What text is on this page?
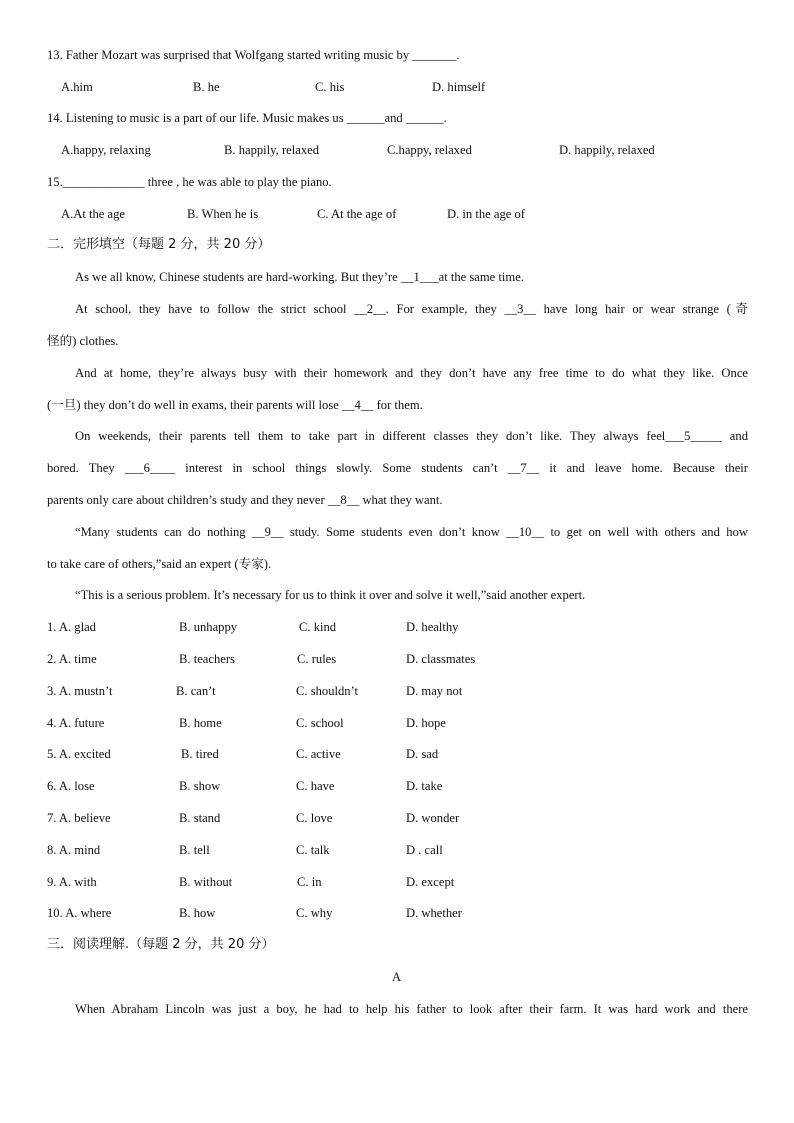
13. Father Mozart was surprised that Wolfgang started writing music by _______.
A.him	B. he	C. his	D. himself
14. Listening to music is a part of our life. Music makes us ______and ______.
A.happy, relaxing	B. happily, relaxed	C.happy, relaxed	D. happily, relaxed
15._____________ three , he was able to play the piano.
A.At the age	B. When he is	C. At the age of	D. in the age of
二．完形填空（每题 2 分，共 20 分）
As we all know, Chinese students are hard-working. But they’re __1___at the same time.
At school, they have to follow the strict school __2__. For example, they __3__ have long hair or wear strange (奇
怪的) clothes.
And at home, they’re always busy with their homework and they don’t have any free time to do what they like. Once
(一旦) they don’t do well in exams, their parents will lose __4__ for them.
On weekends, their parents tell them to take part in different classes they don’t like. They always feel___5_____ and
bored. They ___6____ interest in school things slowly. Some students can’t __7__ it and leave home. Because their
parents only care about children’s study and they never __8__ what they want.
“Many students can do nothing __9__ study. Some students even don’t know __10__ to get on well with others and how
to take care of others,”said an expert (专家).
“This is a serious problem. It’s necessary for us to think it over and solve it well,”said another expert.
1. A. glad	B. unhappy	C. kind	D. healthy
2. A. time	B. teachers	C. rules	D. classmates
3. A. mustn’t	B. can’t	C. shouldn’t	D. may not
4. A. future	B. home	C. school	D. hope
5. A. excited	B. tired	C. active	D. sad
6. A. lose	B. show	C. have	D. take
7. A. believe	B. stand	C. love	D. wonder
8. A. mind	B. tell	C. talk	D . call
9. A. with	B. without	C. in	D. except
10. A. where	B. how	C. why	D. whether
三．阅读理解.（每题 2 分，共 20 分）
A
When Abraham Lincoln was just a boy, he had to help his father to look after their farm. It was hard work and there
